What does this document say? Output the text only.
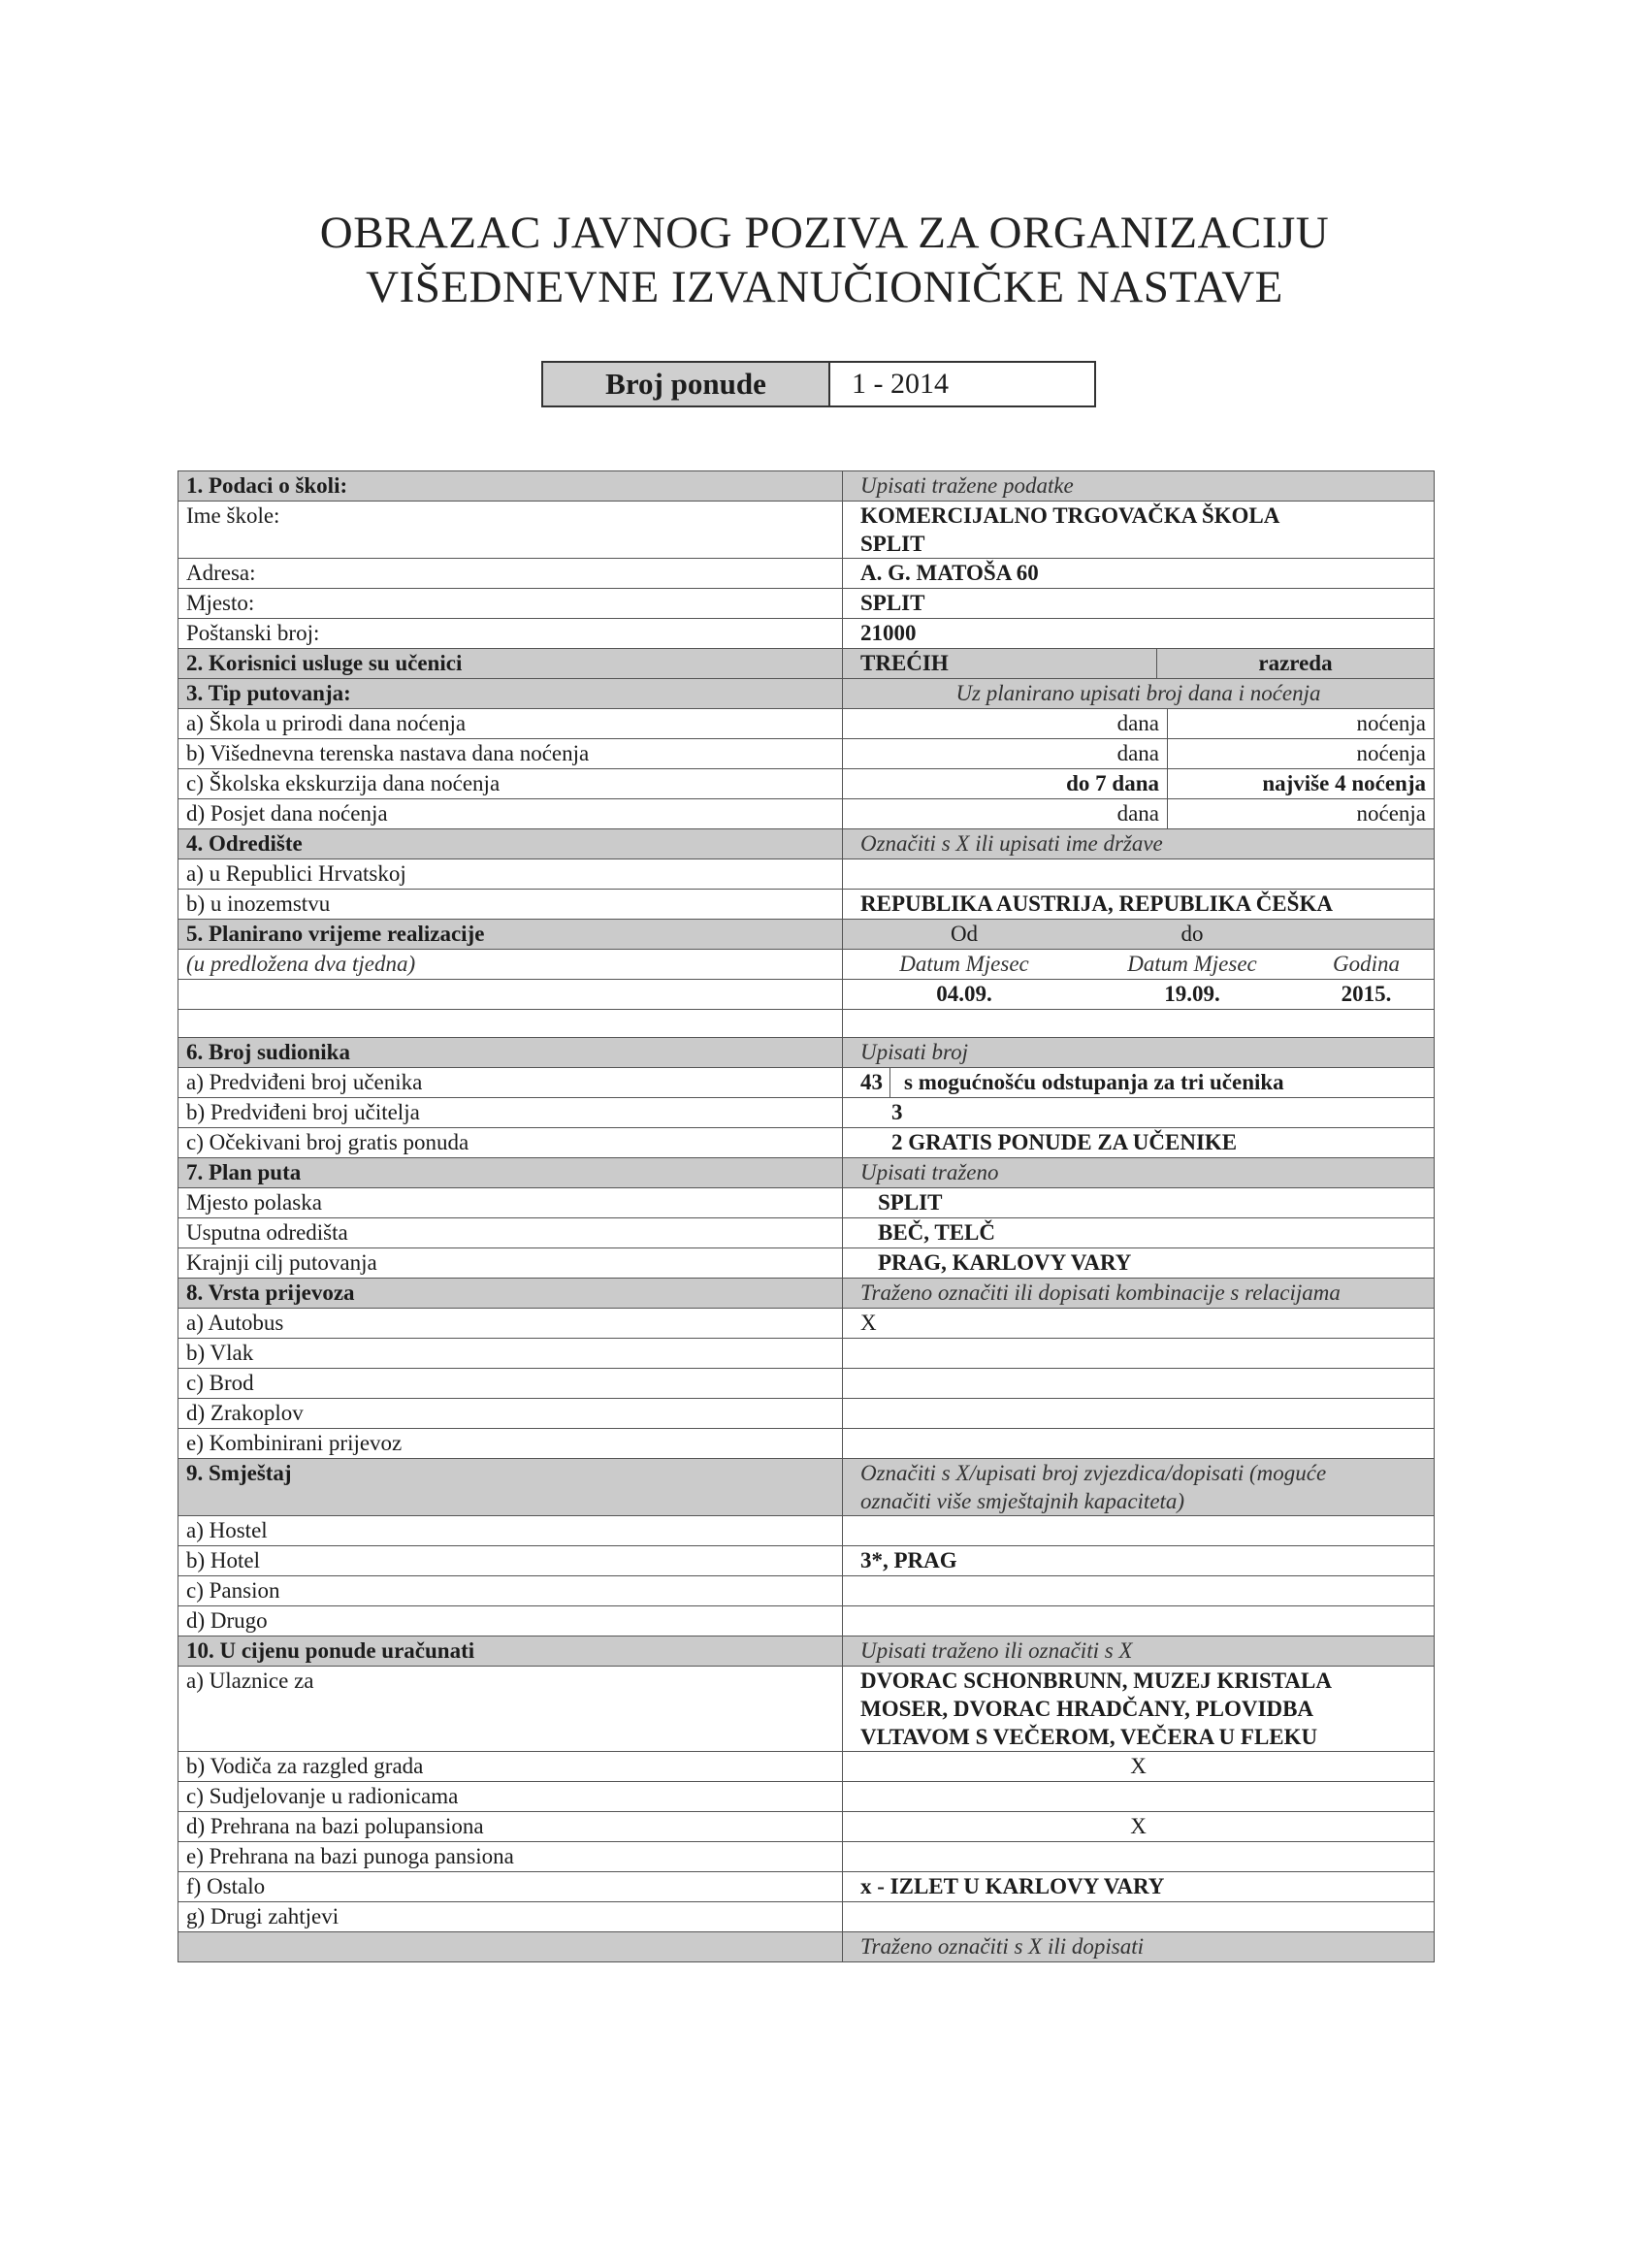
OBRAZAC JAVNOG POZIVA ZA ORGANIZACIJU
VIŠEDNEVNE IZVANUČIONIČKE NASTAVE
Broj ponude	1 - 2014
1. Podaci o školi:	Upisati tražene podatke
Ime škole:	KOMERCIJALNO TRGOVAČKA ŠKOLA
SPLIT

Adresa:	A. G. MATOŠA 60
Mjesto:	SPLIT
Poštanski broj:	21000
2. Korisnici usluge su učenici	TREĆIH razreda

3. Tip putovanja:	Uz planirano upisati broj dana i noćenja
a) Škola u prirodi dana noćenja	dana noćenja

b) Višednevna terenska nastava dana noćenja	dana noćenja

c) Školska ekskurzija dana noćenja	do 7 dana najviše 4 noćenja

d) Posjet dana noćenja	dana noćenja

4. Odredište	Označiti s X ili upisati ime države
a) u Republici Hrvatskoj	
b) u inozemstvu	REPUBLIKA AUSTRIJA, REPUBLIKA ČEŠKA
5. Planirano vrijeme realizacije	Od do

(u predložena dva tjedna)	Datum Mjesec Datum Mjesec Godina

	04.09. 19.09. 2015.

6. Broj sudionika	Upisati broj
a) Predviđeni broj učenika	43 s mogućnošću odstupanja za tri učenika

b) Predviđeni broj učitelja	3
c) Očekivani broj gratis ponuda	2 GRATIS PONUDE ZA UČENIKE
7. Plan puta	Upisati traženo
Mjesto polaska	SPLIT
Usputna odredišta	BEČ, TELČ
Krajnji cilj putovanja	PRAG, KARLOVY VARY
8. Vrsta prijevoza	Traženo označiti ili dopisati kombinacije s relacijama
a) Autobus	X
b) Vlak	
c) Brod	
d) Zrakoplov	
e) Kombinirani prijevoz	
9. Smještaj	Označiti s X/upisati broj zvjezdica/dopisati (moguće
označiti više smještajnih kapaciteta)

a) Hostel	
b) Hotel	3*, PRAG
c) Pansion	
d) Drugo	
10. U cijenu ponude uračunati	Upisati traženo ili označiti s X
a) Ulaznice za	DVORAC SCHONBRUNN, MUZEJ KRISTALA
MOSER, DVORAC HRADČANY, PLOVIDBA
VLTAVOM S VEČEROM, VEČERA U FLEKU

b) Vodiča za razgled grada	X
c) Sudjelovanje u radionicama	
d) Prehrana na bazi polupansiona	X
e) Prehrana na bazi punoga pansiona	
f) Ostalo	x - IZLET U KARLOVY VARY
g) Drugi zahtjevi	
	Traženo označiti s X ili dopisati
